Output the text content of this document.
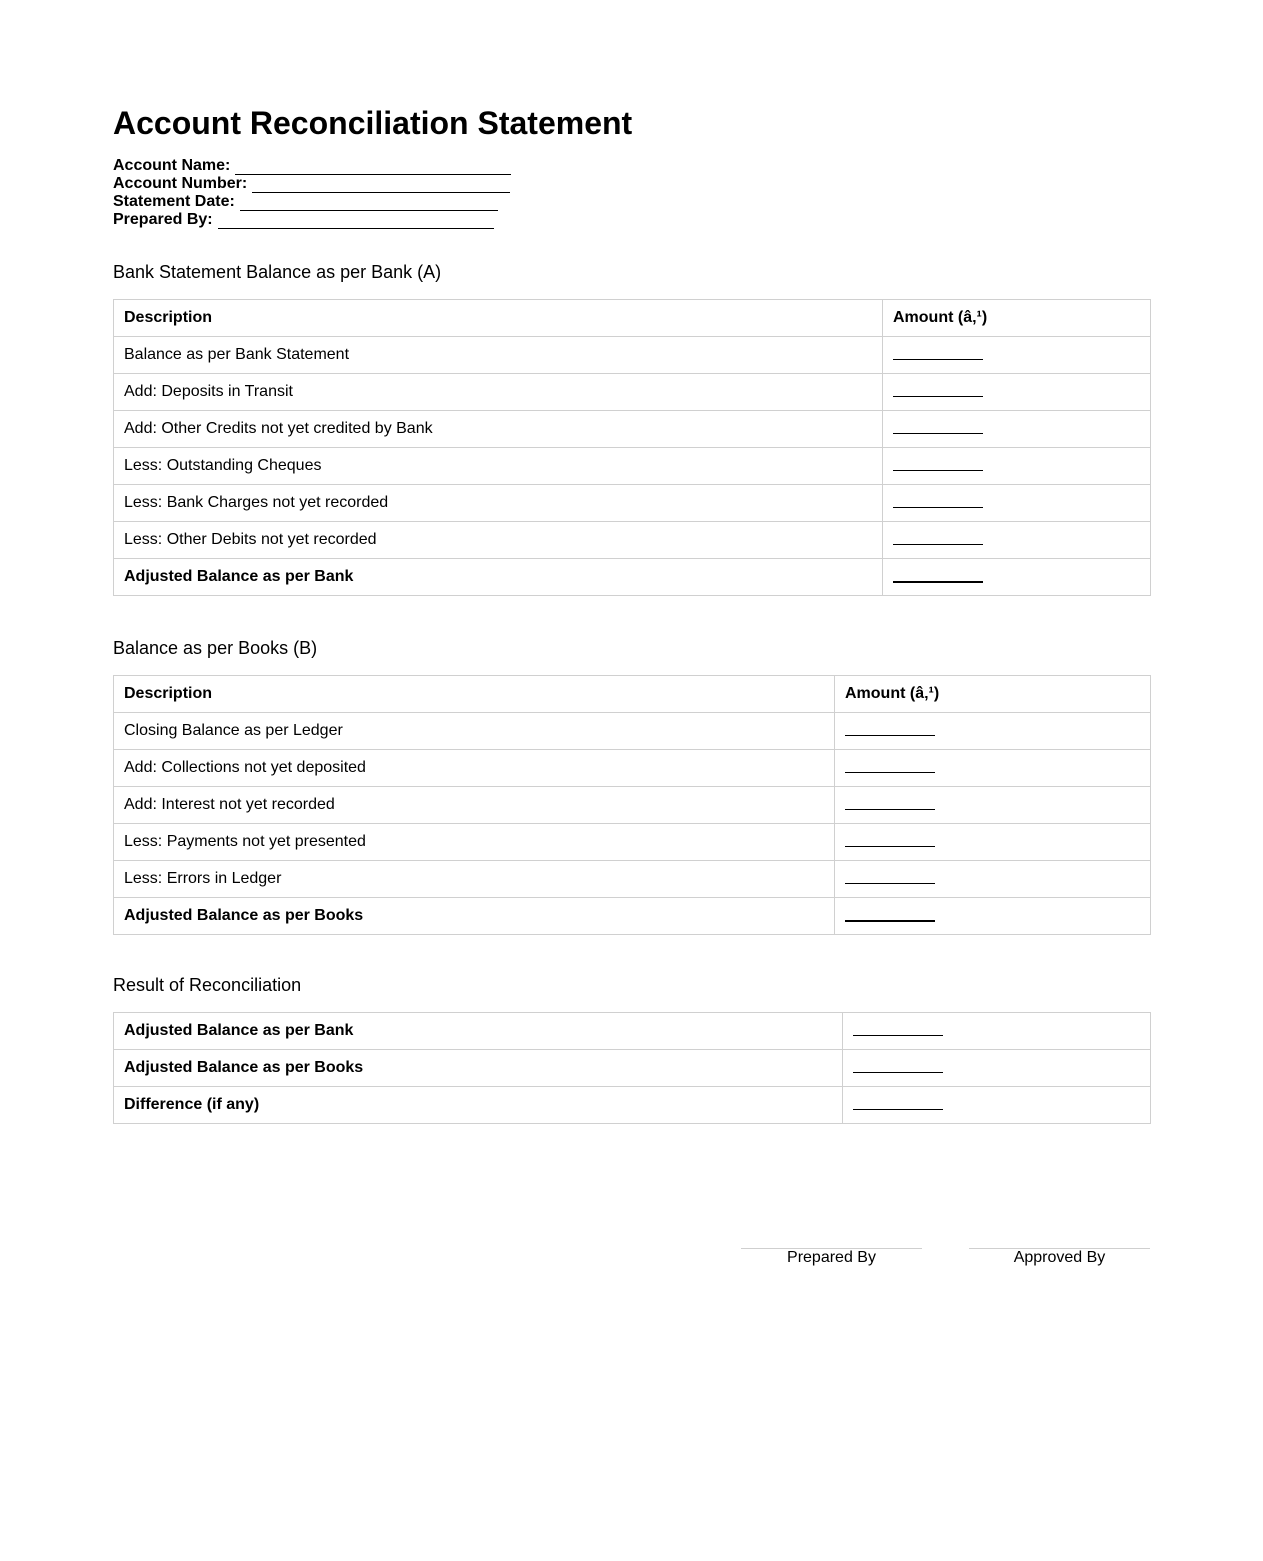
Account Reconciliation Statement
Account Name:
Account Number:
Statement Date:
Prepared By:
Bank Statement Balance as per Bank (A)
Description	Amount (â‚¹)
Balance as per Bank Statement	
Add: Deposits in Transit	
Add: Other Credits not yet credited by Bank	
Less: Outstanding Cheques	
Less: Bank Charges not yet recorded	
Less: Other Debits not yet recorded	
Adjusted Balance as per Bank	
Balance as per Books (B)
Description	Amount (â‚¹)
Closing Balance as per Ledger	
Add: Collections not yet deposited	
Add: Interest not yet recorded	
Less: Payments not yet presented	
Less: Errors in Ledger	
Adjusted Balance as per Books	
Result of Reconciliation
Adjusted Balance as per Bank	
Adjusted Balance as per Books	
Difference (if any)	
Prepared By	Approved By
